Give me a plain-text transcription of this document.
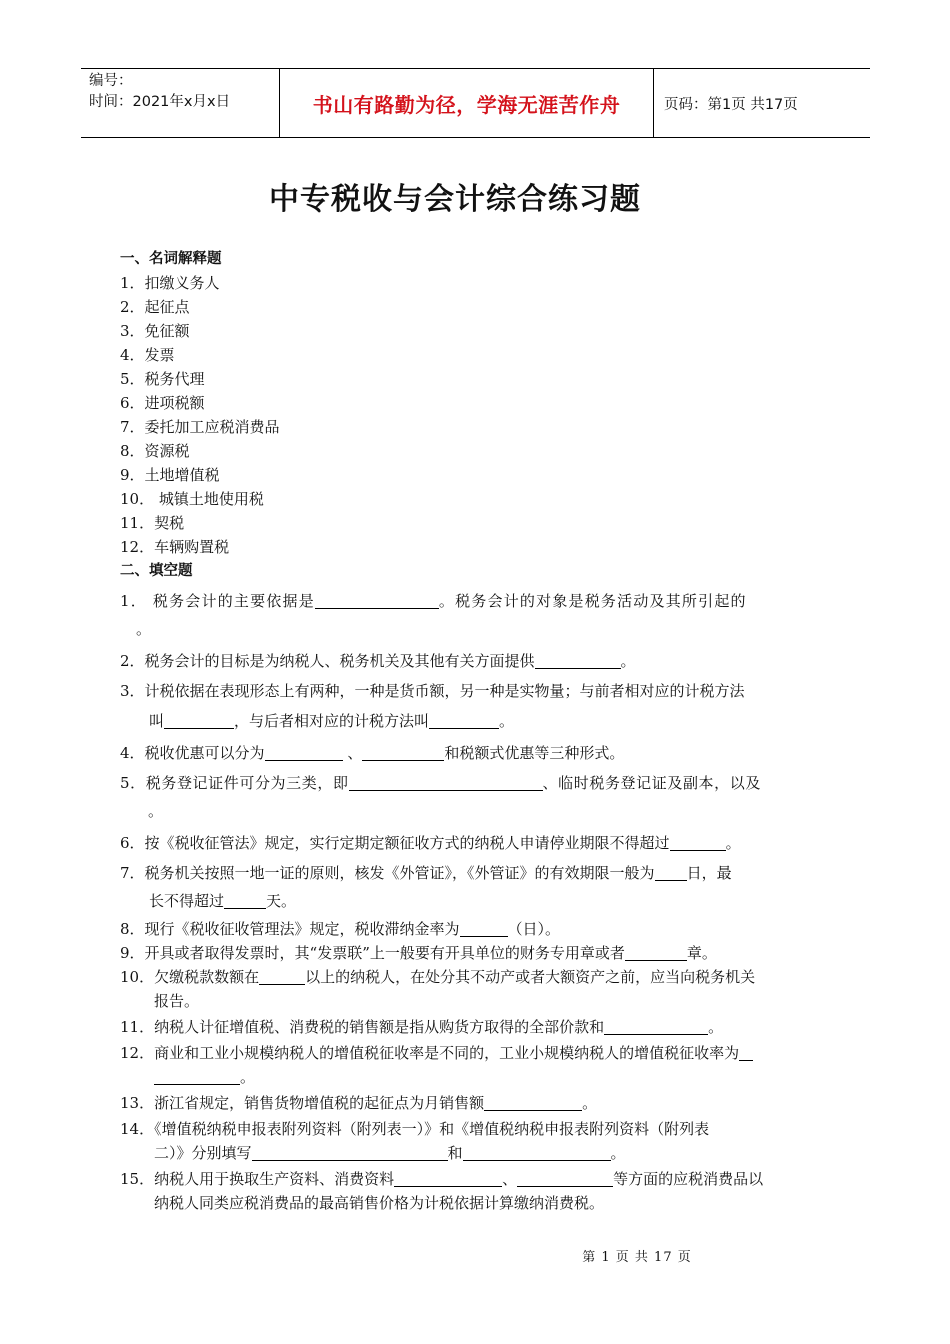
编号：
时间：2021年x月x日	书山有路勤为径，学海无涯苦作舟	页码：第1页 共17页
中专税收与会计综合练习题
一、名词解释题
1．扣缴义务人
2．起征点
3．免征额
4．发票
5．税务代理
6．进项税额
7．委托加工应税消费品
8．资源税
9．土地增值税
10． 城镇土地使用税
11．契税
12．车辆购置税
二、填空题
1． 税务会计的主要依据是	。税务会计的对象是税务活动及其所引起的
。
2．税务会计的目标是为纳税人、税务机关及其他有关方面提供	。
3．计税依据在表现形态上有两种，一种是货币额，另一种是实物量；与前者相对应的计税方法
叫	，与后者相对应的计税方法叫	。
4．税收优惠可以分为	、	和税额式优惠等三种形式。
5．税务登记证件可分为三类，即	、临时税务登记证及副本，以及
。
6．按《税收征管法》规定，实行定期定额征收方式的纳税人申请停业期限不得超过	。
7．税务机关按照一地一证的原则，核发《外管证》，《外管证》的有效期限一般为 日，最
长不得超过	天。
8．现行《税收征收管理法》规定，税收滞纳金率为	（日）。
9．开具或者取得发票时，其“发票联”上一般要有开具单位的财务专用章或者	章。
10．欠缴税款数额在	以上的纳税人，在处分其不动产或者大额资产之前，应当向税务机关
报告。
11．纳税人计征增值税、消费税的销售额是指从购货方取得的全部价款和	。
12．商业和工业小规模纳税人的增值税征收率是不同的，工业小规模纳税人的增值税征收率为
。
13．浙江省规定，销售货物增值税的起征点为月销售额	。
14．《增值税纳税申报表附列资料（附列表一）》和《增值税纳税申报表附列资料（附列表
二）》分别填写	和	。
15．纳税人用于换取生产资料、消费资料	、	等方面的应税消费品以
纳税人同类应税消费品的最高销售价格为计税依据计算缴纳消费税。
第 1 页 共 17 页
